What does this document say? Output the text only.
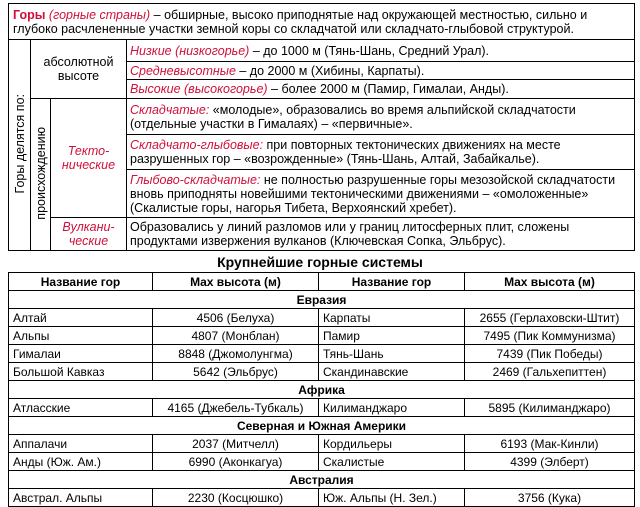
Горы (горные страны) – обширные, высоко приподнятые над окружающей местностью, сильно и глубоко расчлененные участки земной коры со складчатой или складчато-глыбовой структурой.			
Горы делятся по:	абсолютной высоте		Низкие (низкогорье) – до 1000 м (Тянь-Шань, Средний Урал).
			Средневысотные – до 2000 м (Хибины, Карпаты).
			Высокие (высокогорье) – более 2000 м (Памир, Гималаи, Анды).
	происхождению	Текто-нические	Складчатые: «молодые», образовались во время альпийской складчатости (отдельные участки в Гималаях) – «первичные».
			Складчато-глыбовые: при повторных тектонических движениях на месте разрушенных гор – «возрожденные» (Тянь-Шань, Алтай, Забайкалье).
			Глыбово-складчатые: не полностью разрушенные горы мезозойской складчатости вновь приподняты новейшими тектоническими движениями – «омоложенные» (Скалистые горы, нагорья Тибета, Верхоянский хребет).
		Вулкани-ческие	Образовались у линий разломов или у границ литосферных плит, сложены продуктами извержения вулканов (Ключевская Сопка, Эльбрус).
Крупнейшие горные системы
Название гор	Max высота (м)	Название гор	Max высота (м)
Евразия			
Алтай	4506 (Белуха)	Карпаты	2655 (Герлаховски-Штит)
Альпы	4807 (Монблан)	Памир	7495 (Пик Коммунизма)
Гималаи	8848 (Джомолунгма)	Тянь-Шань	7439 (Пик Победы)
Большой Кавказ	5642 (Эльбрус)	Скандинавские	2469 (Гальхепиттен)
Африка			
Атласские	4165 (Джебель-Тубкаль)	Килиманджаро	5895 (Килиманджаро)
Северная и Южная Америки			
Аппалачи	2037 (Митчелл)	Кордильеры	6193 (Мак-Кинли)
Анды (Юж. Ам.)	6990 (Аконкагуа)	Скалистые	4399 (Элберт)
Австралия			
Австрал. Альпы	2230 (Косцюшко)	Юж. Альпы (Н. Зел.)	3756 (Кука)
